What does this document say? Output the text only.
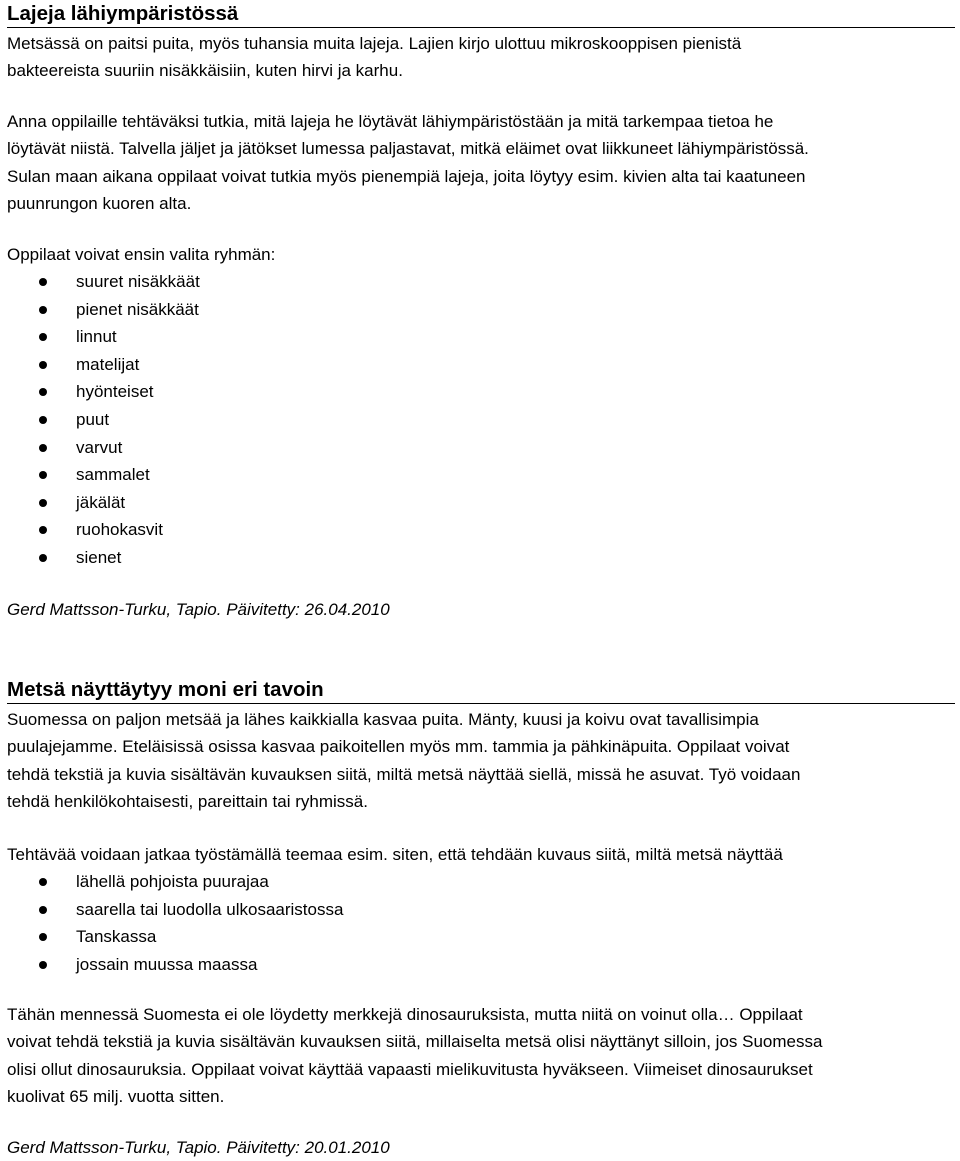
Lajeja lähiympäristössä

Metsässä on paitsi puita, myös tuhansia muita lajeja. Lajien kirjo ulottuu mikroskooppisen pienistä

bakteereista suuriin nisäkkäisiin, kuten hirvi ja karhu.

Anna oppilaille tehtäväksi tutkia, mitä lajeja he löytävät lähiympäristöstään ja mitä tarkempaa tietoa he

löytävät niistä. Talvella jäljet ja jätökset lumessa paljastavat, mitkä eläimet ovat liikkuneet lähiympäristössä.

Sulan maan aikana oppilaat voivat tutkia myös pienempiä lajeja, joita löytyy esim. kivien alta tai kaatuneen

puunrungon kuoren alta.

Oppilaat voivat ensin valita ryhmän:

suuret nisäkkäät
pienet nisäkkäät
linnut
matelijat
hyönteiset
puut
varvut
sammalet
jäkälät
ruohokasvit
sienet

Gerd Mattsson-Turku, Tapio. Päivitetty: 26.04.2010

Metsä näyttäytyy moni eri tavoin

Suomessa on paljon metsää ja lähes kaikkialla kasvaa puita. Mänty, kuusi ja koivu ovat tavallisimpia

puulajejamme. Eteläisissä osissa kasvaa paikoitellen myös mm. tammia ja pähkinäpuita. Oppilaat voivat

tehdä tekstiä ja kuvia sisältävän kuvauksen siitä, miltä metsä näyttää siellä, missä he asuvat. Työ voidaan

tehdä henkilökohtaisesti, pareittain tai ryhmissä.

Tehtävää voidaan jatkaa työstämällä teemaa esim. siten, että tehdään kuvaus siitä, miltä metsä näyttää

lähellä pohjoista puurajaa
saarella tai luodolla ulkosaaristossa
Tanskassa
jossain muussa maassa

Tähän mennessä Suomesta ei ole löydetty merkkejä dinosauruksista, mutta niitä on voinut olla… Oppilaat

voivat tehdä tekstiä ja kuvia sisältävän kuvauksen siitä, millaiselta metsä olisi näyttänyt silloin, jos Suomessa

olisi ollut dinosauruksia. Oppilaat voivat käyttää vapaasti mielikuvitusta hyväkseen. Viimeiset dinosaurukset

kuolivat 65 milj. vuotta sitten.

Gerd Mattsson-Turku, Tapio. Päivitetty: 20.01.2010
